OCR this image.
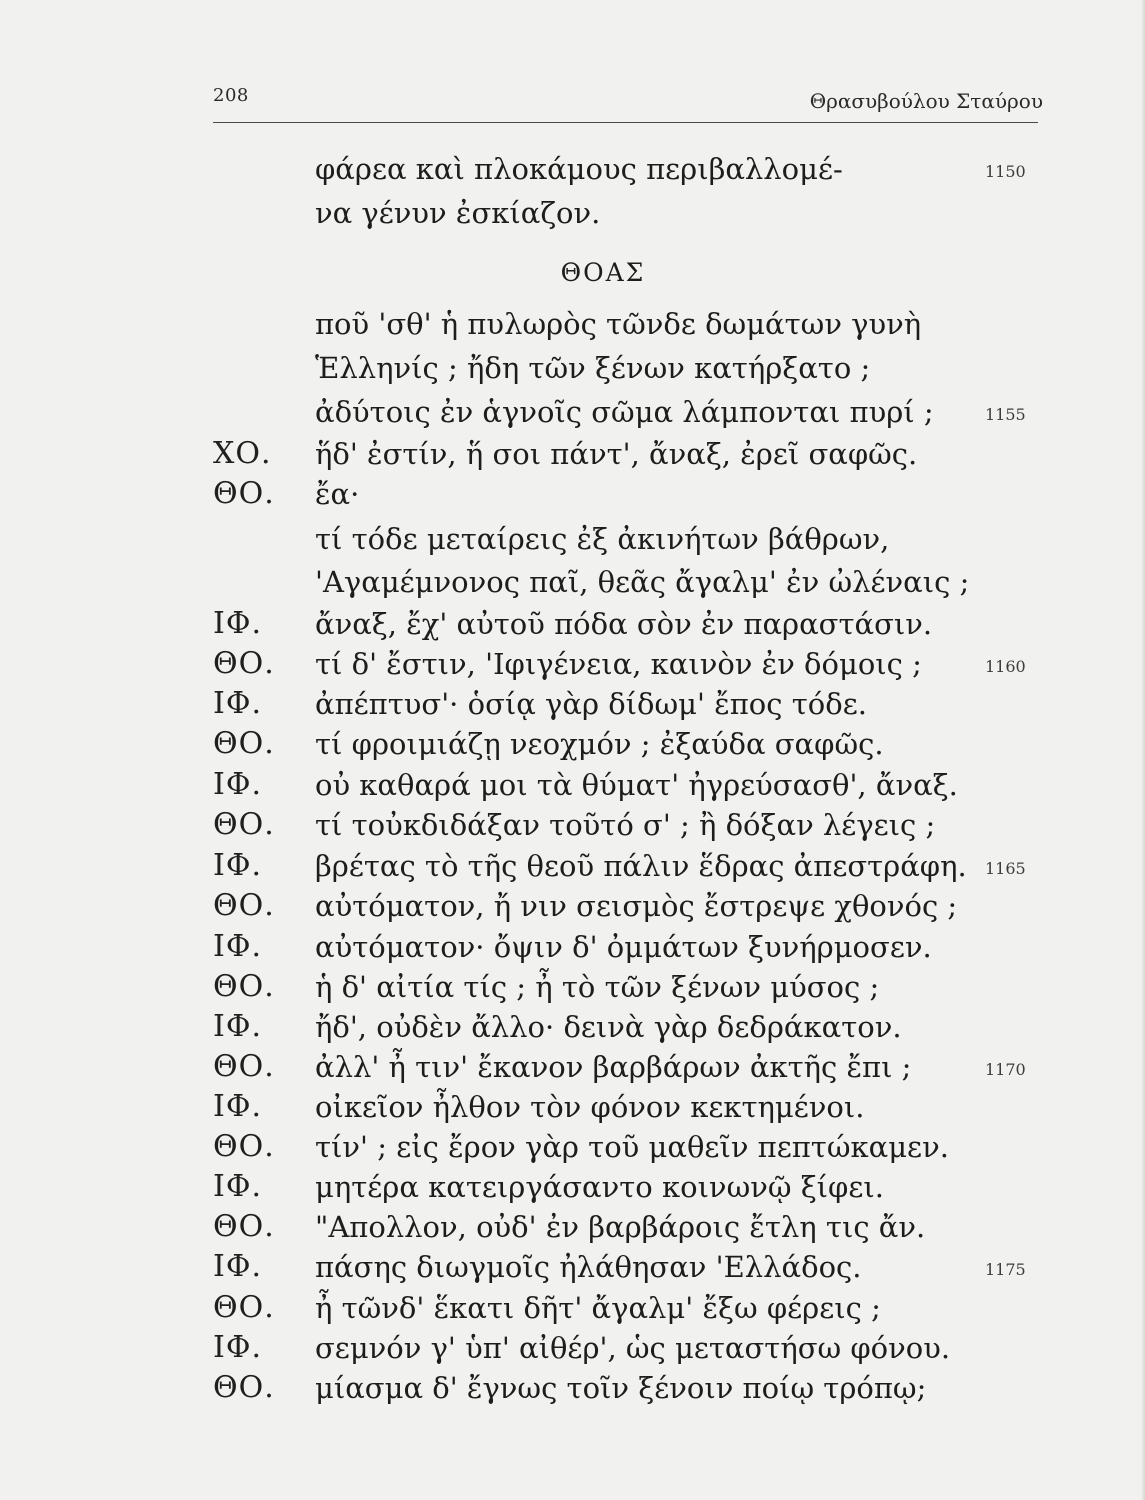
208	Θρασυβούλου Σταύρου
φάρεα καὶ πλοκάμους περιβαλλομέ-	1150
να γένυν ἐσκίαζον.
ΘΟΑΣ
ποῦ 'σθ' ἡ πυλωρὸς τῶνδε δωμάτων γυνὴ
Ἑλληνίς ; ἤδη τῶν ξένων κατήρξατο ;
ἀδύτοις ἐν ἁγνοῖς σῶμα λάμπονται πυρί ;	1155
ΧΟ.	ἥδ' ἐστίν, ἥ σοι πάντ', ἄναξ, ἐρεῖ σαφῶς.
ΘΟ.	ἔα·
τί τόδε μεταίρεις ἐξ ἀκινήτων βάθρων,
'Αγαμέμνονος παῖ, θεᾶς ἄγαλμ' ἐν ὠλέναις ;
ΙΦ.	ἄναξ, ἔχ' αὐτοῦ πόδα σὸν ἐν παραστάσιν.
ΘΟ.	τί δ' ἔστιν, 'Ιφιγένεια, καινὸν ἐν δόμοις ;	1160
ΙΦ.	ἀπέπτυσ'· ὁσίᾳ γὰρ δίδωμ' ἔπος τόδε.
ΘΟ.	τί φροιμιάζῃ νεοχμόν ; ἐξαύδα σαφῶς.
ΙΦ.	οὐ καθαρά μοι τὰ θύματ' ἠγρεύσασθ', ἄναξ.
ΘΟ.	τί τοὐκδιδάξαν τοῦτό σ' ; ἢ δόξαν λέγεις ;
ΙΦ.	βρέτας τὸ τῆς θεοῦ πάλιν ἕδρας ἀπεστράφη. 1165
ΘΟ.	αὐτόματον, ἤ νιν σεισμὸς ἔστρεψε χθονός ;
ΙΦ.	αὐτόματον· ὄψιν δ' ὀμμάτων ξυνήρμοσεν.
ΘΟ.	ἡ δ' αἰτία τίς ; ἦ τὸ τῶν ξένων μύσος ;
ΙΦ.	ἤδ', οὐδὲν ἄλλο· δεινὰ γὰρ δεδράκατον.
ΘΟ.	ἀλλ' ἦ τιν' ἔκανον βαρβάρων ἀκτῆς ἔπι ;	1170
ΙΦ.	οἰκεῖον ἦλθον τὸν φόνον κεκτημένοι.
ΘΟ.	τίν' ; εἰς ἔρον γὰρ τοῦ μαθεῖν πεπτώκαμεν.
ΙΦ.	μητέρα κατειργάσαντο κοινωνῷ ξίφει.
ΘΟ.	"Απολλον, οὐδ' ἐν βαρβάροις ἔτλη τις ἄν.
ΙΦ.	πάσης διωγμοῖς ἠλάθησαν 'Ελλάδος.	1175
ΘΟ.	ἦ τῶνδ' ἕκατι δῆτ' ἄγαλμ' ἔξω φέρεις ;
ΙΦ.	σεμνόν γ' ὑπ' αἰθέρ', ὡς μεταστήσω φόνου.
ΘΟ.	μίασμα δ' ἔγνως τοῖν ξένοιν ποίῳ τρόπῳ;
